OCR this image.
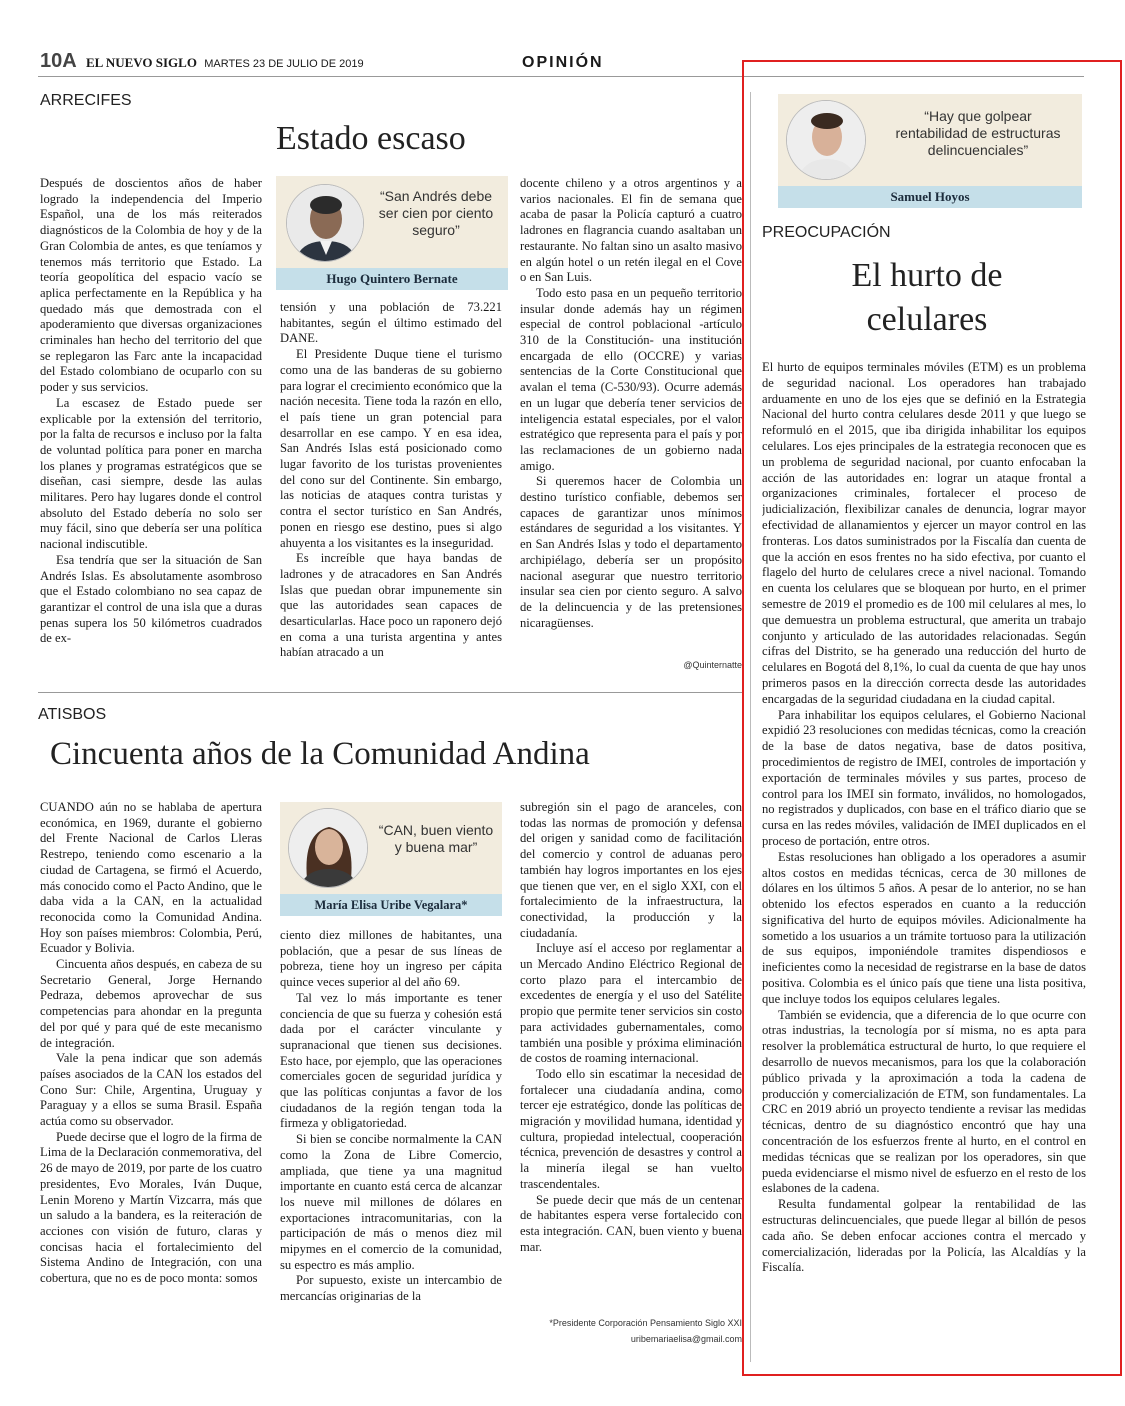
10A EL NUEVO SIGLO MARTES 23 DE JULIO DE 2019	OPINIÓN
ARRECIFES
Estado escaso
“San Andrés debe ser cien por ciento seguro”
Hugo Quintero Bernate

Después de doscientos años de haber logrado la independencia del Imperio Español, una de los más reiterados diagnósticos de la Colombia de hoy y de la Gran Colombia de antes, es que teníamos y tenemos más territorio que Estado. La teoría geopolítica del espacio vacío se aplica perfectamente en la República y ha quedado más que demostrada con el apoderamiento que diversas organizaciones criminales han hecho del territorio del que se replegaron las Farc ante la incapacidad del Estado colombiano de ocuparlo con su poder y sus servicios.

La escasez de Estado puede ser explicable por la extensión del territorio, por la falta de recursos e incluso por la falta de voluntad política para poner en marcha los planes y programas estratégicos que se diseñan, casi siempre, desde las aulas militares. Pero hay lugares donde el control absoluto del Estado debería no solo ser muy fácil, sino que debería ser una política nacional indiscutible.

Esa tendría que ser la situación de San Andrés Islas. Es absolutamente asombroso que el Estado colombiano no sea capaz de garantizar el control de una isla que a duras penas supera los 50 kilómetros cuadrados de ex-

tensión y una población de 73.221 habitantes, según el último estimado del DANE.

El Presidente Duque tiene el turismo como una de las banderas de su gobierno para lograr el crecimiento económico que la nación necesita. Tiene toda la razón en ello, el país tiene un gran potencial para desarrollar en ese campo. Y en esa idea, San Andrés Islas está posicionado como lugar favorito de los turistas provenientes del cono sur del Continente. Sin embargo, las noticias de ataques contra turistas y contra el sector turístico en San Andrés, ponen en riesgo ese destino, pues si algo ahuyenta a los visitantes es la inseguridad.

Es increíble que haya bandas de ladrones y de atracadores en San Andrés Islas que puedan obrar impunemente sin que las autoridades sean capaces de desarticularlas. Hace poco un raponero dejó en coma a una turista argentina y antes habían atracado a un

docente chileno y a otros argentinos y a varios nacionales. El fin de semana que acaba de pasar la Policía capturó a cuatro ladrones en flagrancia cuando asaltaban un restaurante. No faltan sino un asalto masivo en algún hotel o un retén ilegal en el Cove o en San Luis.

Todo esto pasa en un pequeño territorio insular donde además hay un régimen especial de control poblacional -artículo 310 de la Constitución- una institución encargada de ello (OCCRE) y varias sentencias de la Corte Constitucional que avalan el tema (C-530/93). Ocurre además en un lugar que debería tener servicios de inteligencia estatal especiales, por el valor estratégico que representa para el país y por las reclamaciones de un gobierno nada amigo.

Si queremos hacer de Colombia un destino turístico confiable, debemos ser capaces de garantizar unos mínimos estándares de seguridad a los visitantes. Y en San Andrés Islas y todo el departamento archipiélago, debería ser un propósito nacional asegurar que nuestro territorio insular sea cien por ciento seguro. A salvo de la delincuencia y de las pretensiones nicaragüenses.

@Quinternatte
ATISBOS
Cincuenta años de la Comunidad Andina
“CAN, buen viento y buena mar”
María Elisa Uribe Vegalara*

CUANDO aún no se hablaba de apertura económica, en 1969, durante el gobierno del Frente Nacional de Carlos Lleras Restrepo, teniendo como escenario a la ciudad de Cartagena, se firmó el Acuerdo, más conocido como el Pacto Andino, que le daba vida a la CAN, en la actualidad reconocida como la Comunidad Andina. Hoy son países miembros: Colombia, Perú, Ecuador y Bolivia.

Cincuenta años después, en cabeza de su Secretario General, Jorge Hernando Pedraza, debemos aprovechar de sus competencias para ahondar en la pregunta del por qué y para qué de este mecanismo de integración.

Vale la pena indicar que son además países asociados de la CAN los estados del Cono Sur: Chile, Argentina, Uruguay y Paraguay y a ellos se suma Brasil. España actúa como su observador.

Puede decirse que el logro de la firma de Lima de la Declaración conmemorativa, del 26 de mayo de 2019, por parte de los cuatro presidentes, Evo Morales, Iván Duque, Lenin Moreno y Martín Vizcarra, más que un saludo a la bandera, es la reiteración de acciones con visión de futuro, claras y concisas hacia el fortalecimiento del Sistema Andino de Integración, con una cobertura, que no es de poco monta: somos

ciento diez millones de habitantes, una población, que a pesar de sus líneas de pobreza, tiene hoy un ingreso per cápita quince veces superior al del año 69.

Tal vez lo más importante es tener conciencia de que su fuerza y cohesión está dada por el carácter vinculante y supranacional que tienen sus decisiones. Esto hace, por ejemplo, que las operaciones comerciales gocen de seguridad jurídica y que las políticas conjuntas a favor de los ciudadanos de la región tengan toda la firmeza y obligatoriedad.

Si bien se concibe normalmente la CAN como la Zona de Libre Comercio, ampliada, que tiene ya una magnitud importante en cuanto está cerca de alcanzar los nueve mil millones de dólares en exportaciones intracomunitarias, con la participación de más o menos diez mil mipymes en el comercio de la comunidad, su espectro es más amplio.

Por supuesto, existe un intercambio de mercancías originarias de la

subregión sin el pago de aranceles, con todas las normas de promoción y defensa del origen y sanidad como de facilitación del comercio y control de aduanas pero también hay logros importantes en los ejes que tienen que ver, en el siglo XXI, con el fortalecimiento de la infraestructura, la conectividad, la producción y la ciudadanía.

Incluye así el acceso por reglamentar a un Mercado Andino Eléctrico Regional de corto plazo para el intercambio de excedentes de energía y el uso del Satélite propio que permite tener servicios sin costo para actividades gubernamentales, como también una posible y próxima eliminación de costos de roaming internacional.

Todo ello sin escatimar la necesidad de fortalecer una ciudadanía andina, como tercer eje estratégico, donde las políticas de migración y movilidad humana, identidad y cultura, propiedad intelectual, cooperación técnica, prevención de desastres y control a la minería ilegal se han vuelto trascendentales.

Se puede decir que más de un centenar de habitantes espera verse fortalecido con esta integración. CAN, buen viento y buena mar.

*Presidente Corporación Pensamiento Siglo XXI
uribemariaelisa@gmail.com
“Hay que golpear rentabilidad de estructuras delincuenciales”
Samuel Hoyos
PREOCUPACIÓN
El hurto de
celulares

El hurto de equipos terminales móviles (ETM) es un problema de seguridad nacional. Los operadores han trabajado arduamente en uno de los ejes que se definió en la Estrategia Nacional del hurto contra celulares desde 2011 y que luego se reformuló en el 2015, que iba dirigida inhabilitar los equipos celulares. Los ejes principales de la estrategia reconocen que es un problema de seguridad nacional, por cuanto enfocaban la acción de las autoridades en: lograr un ataque frontal a organizaciones criminales, fortalecer el proceso de judicialización, flexibilizar canales de denuncia, lograr mayor efectividad de allanamientos y ejercer un mayor control en las fronteras. Los datos suministrados por la Fiscalía dan cuenta de que la acción en esos frentes no ha sido efectiva, por cuanto el flagelo del hurto de celulares crece a nivel nacional. Tomando en cuenta los celulares que se bloquean por hurto, en el primer semestre de 2019 el promedio es de 100 mil celulares al mes, lo que demuestra un problema estructural, que amerita un trabajo conjunto y articulado de las autoridades relacionadas. Según cifras del Distrito, se ha generado una reducción del hurto de celulares en Bogotá del 8,1%, lo cual da cuenta de que hay unos primeros pasos en la dirección correcta desde las autoridades encargadas de la seguridad ciudadana en la ciudad capital.

Para inhabilitar los equipos celulares, el Gobierno Nacional expidió 23 resoluciones con medidas técnicas, como la creación de la base de datos negativa, base de datos positiva, procedimientos de registro de IMEI, controles de importación y exportación de terminales móviles y sus partes, proceso de control para los IMEI sin formato, inválidos, no homologados, no registrados y duplicados, con base en el tráfico diario que se cursa en las redes móviles, validación de IMEI duplicados en el proceso de portación, entre otros.

Estas resoluciones han obligado a los operadores a asumir altos costos en medidas técnicas, cerca de 30 millones de dólares en los últimos 5 años. A pesar de lo anterior, no se han obtenido los efectos esperados en cuanto a la reducción significativa del hurto de equipos móviles. Adicionalmente ha sometido a los usuarios a un trámite tortuoso para la utilización de sus equipos, imponiéndole tramites dispendiosos e ineficientes como la necesidad de registrarse en la base de datos positiva. Colombia es el único país que tiene una lista positiva, que incluye todos los equipos celulares legales.

También se evidencia, que a diferencia de lo que ocurre con otras industrias, la tecnología por sí misma, no es apta para resolver la problemática estructural de hurto, lo que requiere el desarrollo de nuevos mecanismos, para los que la colaboración público privada y la aproximación a toda la cadena de producción y comercialización de ETM, son fundamentales. La CRC en 2019 abrió un proyecto tendiente a revisar las medidas técnicas, dentro de su diagnóstico encontró que hay una concentración de los esfuerzos frente al hurto, en el control en medidas técnicas que se realizan por los operadores, sin que pueda evidenciarse el mismo nivel de esfuerzo en el resto de los eslabones de la cadena.

Resulta fundamental golpear la rentabilidad de las estructuras delincuenciales, que puede llegar al billón de pesos cada año. Se deben enfocar acciones contra el mercado y comercialización, lideradas por la Policía, las Alcaldías y la Fiscalía.
